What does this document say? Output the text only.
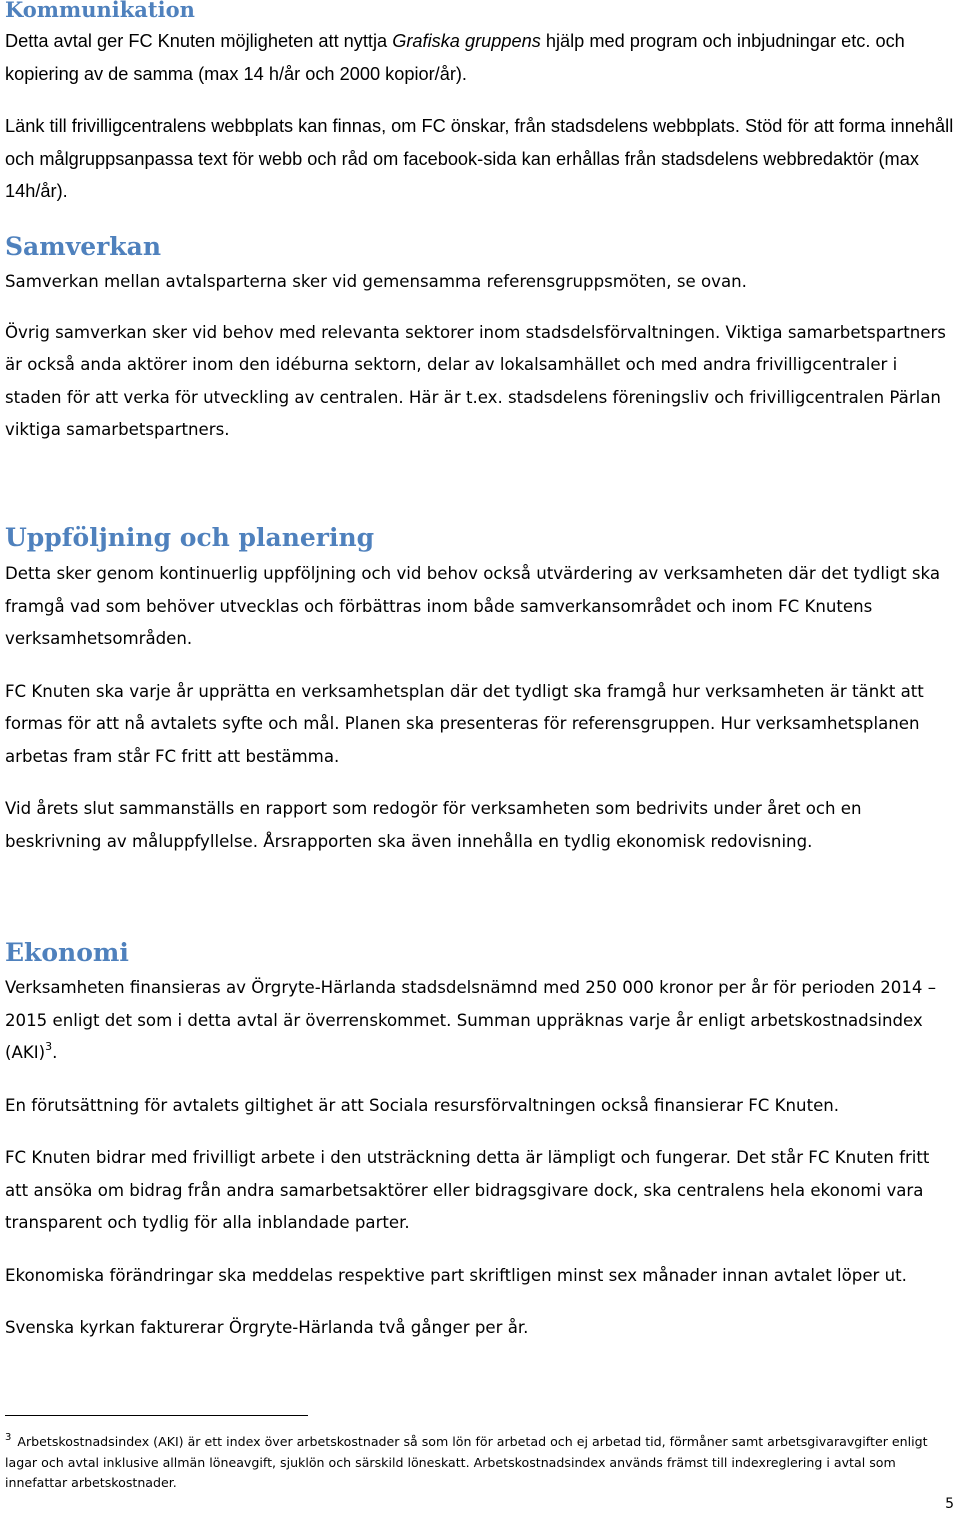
Kommunikation

Detta avtal ger FC Knuten möjligheten att nyttja Grafiska gruppens hjälp med program och inbjudningar etc. och kopiering av de samma (max 14 h/år och 2000 kopior/år).

Länk till frivilligcentralens webbplats kan finnas, om FC önskar, från stadsdelens webbplats. Stöd för att forma innehåll och målgruppsanpassa text för webb och råd om facebook-sida kan erhållas från stadsdelens webbredaktör (max 14h/år).

Samverkan

Samverkan mellan avtalsparterna sker vid gemensamma referensgruppsmöten, se ovan.

Övrig samverkan sker vid behov med relevanta sektorer inom stadsdelsförvaltningen. Viktiga samarbetspartners är också anda aktörer inom den idéburna sektorn, delar av lokalsamhället och med andra frivilligcentraler i staden för att verka för utveckling av centralen. Här är t.ex. stadsdelens föreningsliv och frivilligcentralen Pärlan viktiga samarbetspartners.

Uppföljning och planering

Detta sker genom kontinuerlig uppföljning och vid behov också utvärdering av verksamheten där det tydligt ska framgå vad som behöver utvecklas och förbättras inom både samverkansområdet och inom FC Knutens verksamhetsområden.

FC Knuten ska varje år upprätta en verksamhetsplan där det tydligt ska framgå hur verksamheten är tänkt att formas för att nå avtalets syfte och mål. Planen ska presenteras för referensgruppen. Hur verksamhetsplanen arbetas fram står FC fritt att bestämma.

Vid årets slut sammanställs en rapport som redogör för verksamheten som bedrivits under året och en beskrivning av måluppfyllelse. Årsrapporten ska även innehålla en tydlig ekonomisk redovisning.

Ekonomi

Verksamheten finansieras av Örgryte-Härlanda stadsdelsnämnd med 250 000 kronor per år för perioden 2014 – 2015 enligt det som i detta avtal är överrenskommet. Summan uppräknas varje år enligt arbetskostnadsindex (AKI)$^3$.

En förutsättning för avtalets giltighet är att Sociala resursförvaltningen också finansierar FC Knuten.

FC Knuten bidrar med frivilligt arbete i den utsträckning detta är lämpligt och fungerar. Det står FC Knuten fritt att ansöka om bidrag från andra samarbetsaktörer eller bidragsgivare dock, ska centralens hela ekonomi vara transparent och tydlig för alla inblandade parter.

Ekonomiska förändringar ska meddelas respektive part skriftligen minst sex månader innan avtalet löper ut.

Svenska kyrkan fakturerar Örgryte-Härlanda två gånger per år.

$^3$ Arbetskostnadsindex (AKI) är ett index över arbetskostnader så som lön för arbetad och ej arbetad tid, förmåner samt arbetsgivaravgifter enligt lagar och avtal inklusive allmän löneavgift, sjuklön och särskild löneskatt. Arbetskostnadsindex används främst till indexreglering i avtal som innefattar arbetskostnader.
5
